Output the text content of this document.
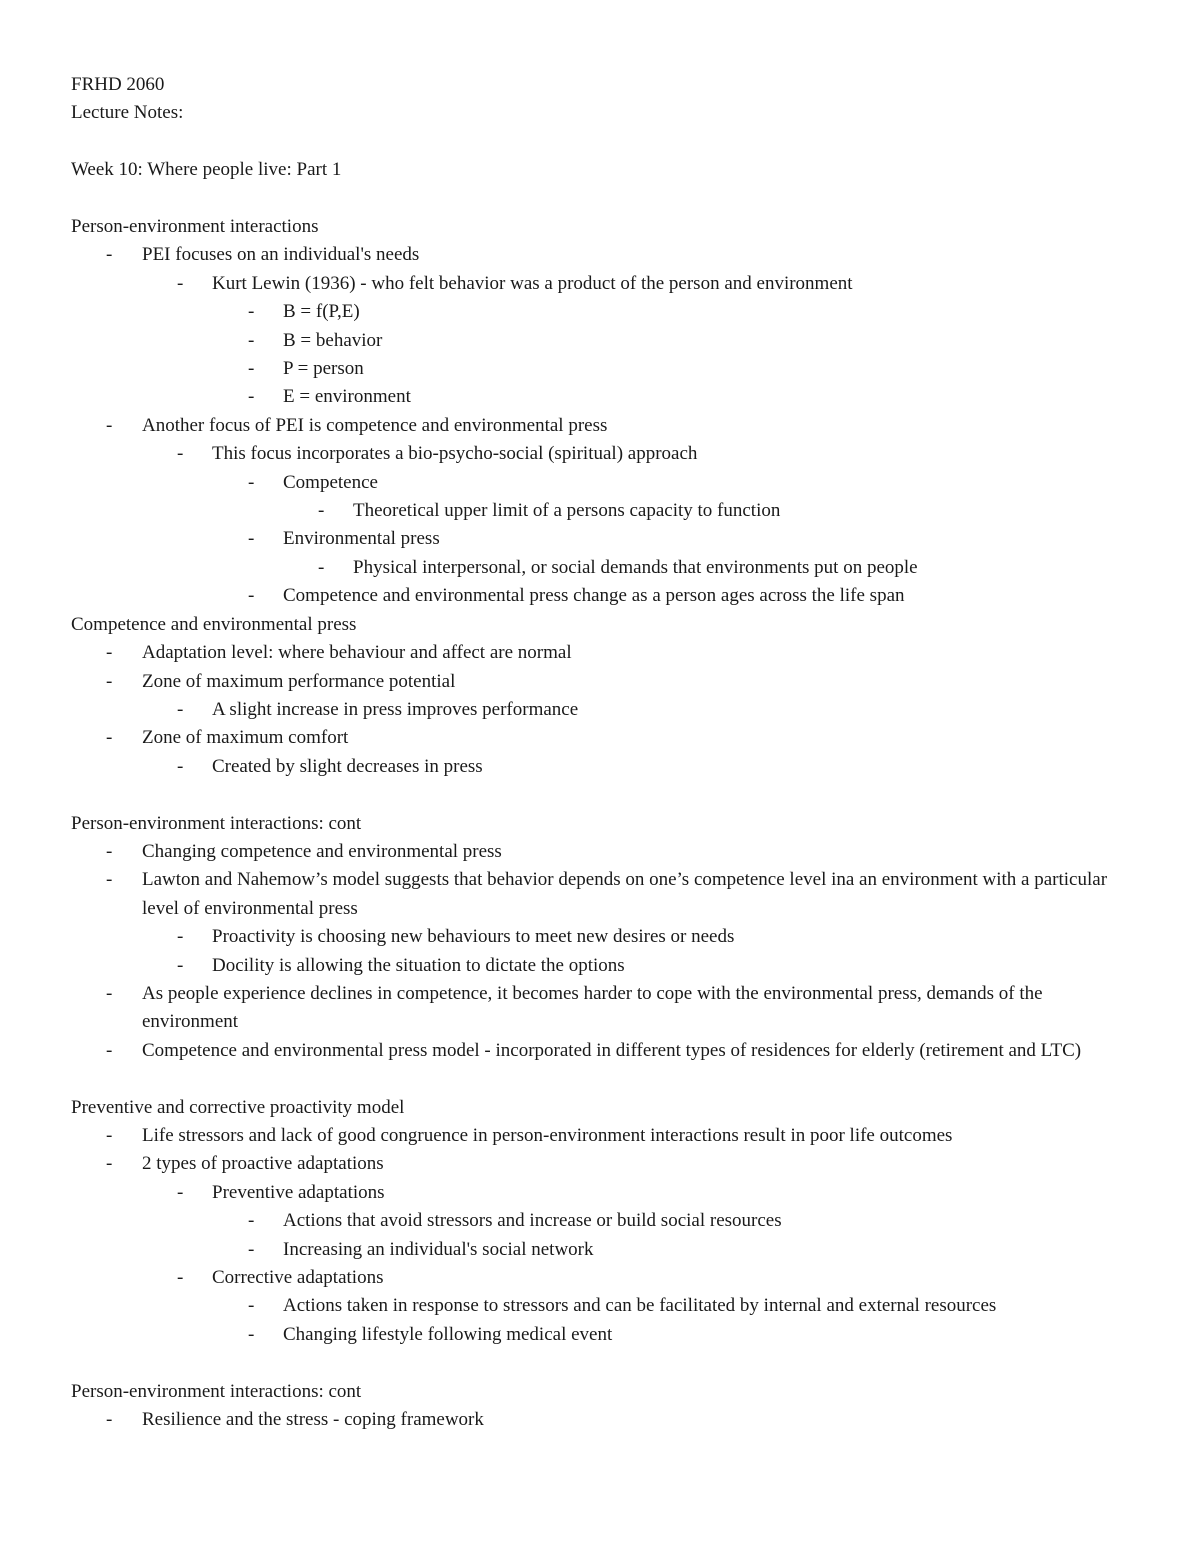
FRHD 2060
Lecture Notes:
Week 10: Where people live: Part 1
Person-environment interactions
-	PEI focuses on an individual's needs
-	Kurt Lewin (1936) - who felt behavior was a product of the person and environment
-	B = f(P,E)
-	B = behavior
-	P = person
-	E = environment
-	Another focus of PEI is competence and environmental press
-	This focus incorporates a bio-psycho-social (spiritual) approach
-	Competence
-	Theoretical upper limit of a persons capacity to function
-	Environmental press
-	Physical interpersonal, or social demands that environments put on people
-	Competence and environmental press change as a person ages across the life span
Competence and environmental press
-	Adaptation level: where behaviour and affect are normal
-	Zone of maximum performance potential
-	A slight increase in press improves performance
-	Zone of maximum comfort
-	Created by slight decreases in press
Person-environment interactions: cont
-	Changing competence and environmental press
-	Lawton and Nahemow’s model suggests that behavior depends on one’s competence level ina an environment with a particular level of environmental press
-	Proactivity is choosing new behaviours to meet new desires or needs
-	Docility is allowing the situation to dictate the options
-	As people experience declines in competence, it becomes harder to cope with the environmental press, demands of the environment
-	Competence and environmental press model - incorporated in different types of residences for elderly (retirement and LTC)
Preventive and corrective proactivity model
-	Life stressors and lack of good congruence in person-environment interactions result in poor life outcomes
-	2 types of proactive adaptations
-	Preventive adaptations
-	Actions that avoid stressors and increase or build social resources
-	Increasing an individual's social network
-	Corrective adaptations
-	Actions taken in response to stressors and can be facilitated by internal and external resources
-	Changing lifestyle following medical event
Person-environment interactions: cont
-	Resilience and the stress - coping framework
